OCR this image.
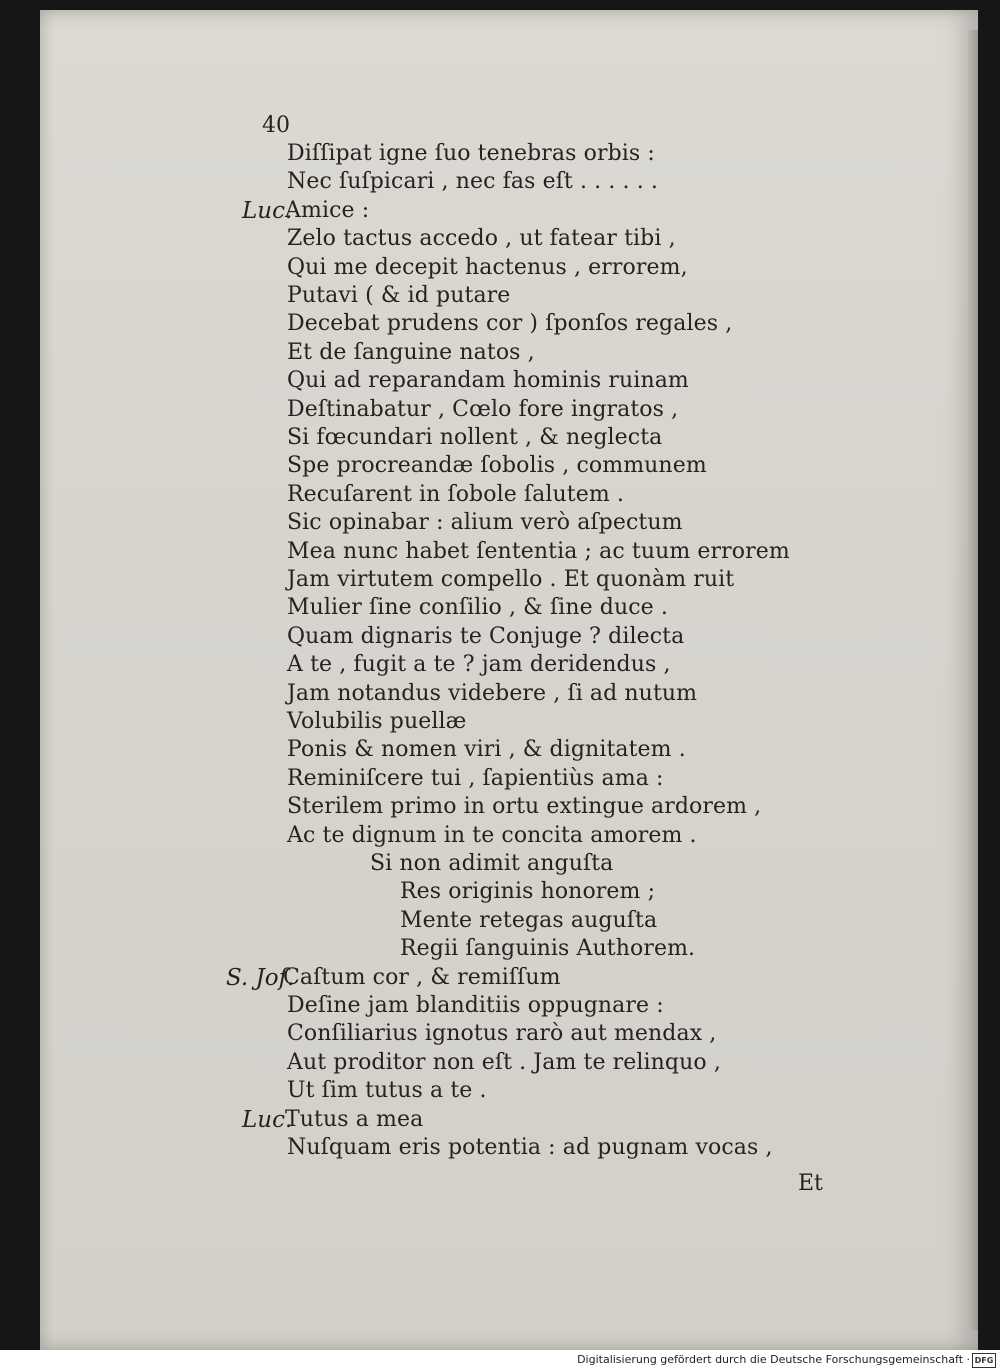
40
Diſſipat igne ſuo tenebras orbis :
Nec ſuſpicari , nec fas eſt . . . . . .
Luc.
Amice :
Zelo tactus accedo , ut fatear tibi ,
Qui me decepit hactenus , errorem,
Putavi ( & id putare
Decebat prudens cor ) ſponſos regales ,
Et de ſanguine natos ,
Qui ad reparandam hominis ruinam
Deſtinabatur , Cœlo fore ingratos ,
Si fœcundari nollent , & neglecta
Spe procreandæ ſobolis , communem
Recuſarent in ſobole ſalutem .
Sic opinabar : alium verò aſpectum
Mea nunc habet ſententia ; ac tuum errorem
Jam virtutem compello . Et quonàm ruit
Mulier ſine conſilio , & ſine duce .
Quam dignaris te Conjuge ? dilecta
A te , fugit a te ? jam deridendus ,
Jam notandus videbere , ſi ad nutum
Volubilis puellæ
Ponis & nomen viri , & dignitatem .
Reminiſcere tui , ſapientiùs ama :
Sterilem primo in ortu extingue ardorem ,
Ac te dignum in te concita amorem .
Si non adimit anguſta
Res originis honorem ;
Mente retegas auguſta
Regii ſanguinis Authorem.
S. Joſ.
Caſtum cor , & remiſſum
Deſine jam blanditiis oppugnare :
Conſiliarius ignotus rarò aut mendax ,
Aut proditor non eſt . Jam te relinquo ,
Ut ſim tutus a te .
Luc.
Tutus a mea
Nuſquam eris potentia : ad pugnam vocas ,
Et
Digitalisierung gefördert durch die Deutsche Forschungsgemeinschaft · DFG
